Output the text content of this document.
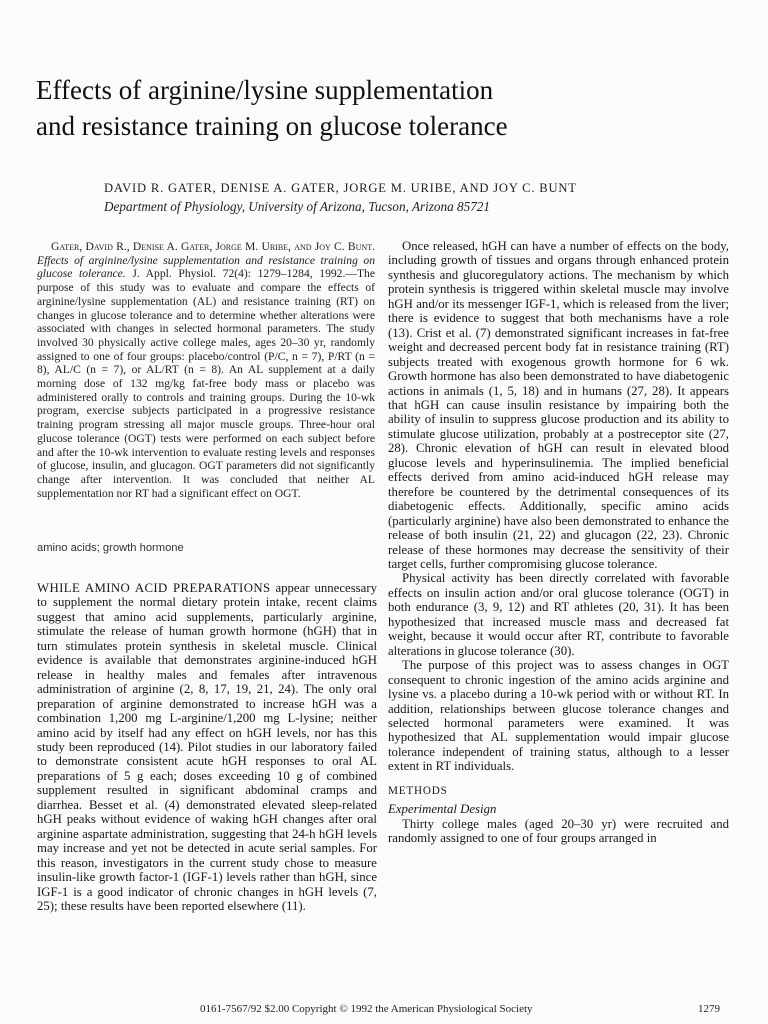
Effects of arginine/lysine supplementation
and resistance training on glucose tolerance

DAVID R. GATER, DENISE A. GATER, JORGE M. URIBE, AND JOY C. BUNT

Department of Physiology, University of Arizona, Tucson, Arizona 85721

Gater, David R., Denise A. Gater, Jorge M. Uribe, and Joy C. Bunt. Effects of arginine/lysine supplementation and resistance training on glucose tolerance. J. Appl. Physiol. 72(4): 1279–1284, 1992.—The purpose of this study was to evaluate and compare the effects of arginine/lysine supplementation (AL) and resistance training (RT) on changes in glucose tolerance and to determine whether alterations were associated with changes in selected hormonal parameters. The study involved 30 physically active college males, ages 20–30 yr, randomly assigned to one of four groups: placebo/control (P/C, n = 7), P/RT (n = 8), AL/C (n = 7), or AL/RT (n = 8). An AL supplement at a daily morning dose of 132 mg/kg fat-free body mass or placebo was administered orally to controls and training groups. During the 10-wk program, exercise subjects participated in a progressive resistance training program stressing all major muscle groups. Three-hour oral glucose tolerance (OGT) tests were performed on each subject before and after the 10-wk intervention to evaluate resting levels and responses of glucose, insulin, and glucagon. OGT parameters did not significantly change after intervention. It was concluded that neither AL supplementation nor RT had a significant effect on OGT.

amino acids; growth hormone

WHILE AMINO ACID PREPARATIONS appear unnecessary to supplement the normal dietary protein intake, recent claims suggest that amino acid supplements, particularly arginine, stimulate the release of human growth hormone (hGH) that in turn stimulates protein synthesis in skeletal muscle. Clinical evidence is available that demonstrates arginine-induced hGH release in healthy males and females after intravenous administration of arginine (2, 8, 17, 19, 21, 24). The only oral preparation of arginine demonstrated to increase hGH was a combination 1,200 mg L-arginine/1,200 mg L-lysine; neither amino acid by itself had any effect on hGH levels, nor has this study been reproduced (14). Pilot studies in our laboratory failed to demonstrate consistent acute hGH responses to oral AL preparations of 5 g each; doses exceeding 10 g of combined supplement resulted in significant abdominal cramps and diarrhea. Besset et al. (4) demonstrated elevated sleep-related hGH peaks without evidence of waking hGH changes after oral arginine aspartate administration, suggesting that 24-h hGH levels may increase and yet not be detected in acute serial samples. For this reason, investigators in the current study chose to measure insulin-like growth factor-1 (IGF-1) levels rather than hGH, since IGF-1 is a good indicator of chronic changes in hGH levels (7, 25); these results have been reported elsewhere (11).

Once released, hGH can have a number of effects on the body, including growth of tissues and organs through enhanced protein synthesis and glucoregulatory actions. The mechanism by which protein synthesis is triggered within skeletal muscle may involve hGH and/or its messenger IGF-1, which is released from the liver; there is evidence to suggest that both mechanisms have a role (13). Crist et al. (7) demonstrated significant increases in fat-free weight and decreased percent body fat in resistance training (RT) subjects treated with exogenous growth hormone for 6 wk. Growth hormone has also been demonstrated to have diabetogenic actions in animals (1, 5, 18) and in humans (27, 28). It appears that hGH can cause insulin resistance by impairing both the ability of insulin to suppress glucose production and its ability to stimulate glucose utilization, probably at a postreceptor site (27, 28). Chronic elevation of hGH can result in elevated blood glucose levels and hyperinsulinemia. The implied beneficial effects derived from amino acid-induced hGH release may therefore be countered by the detrimental consequences of its diabetogenic effects. Additionally, specific amino acids (particularly arginine) have also been demonstrated to enhance the release of both insulin (21, 22) and glucagon (22, 23). Chronic release of these hormones may decrease the sensitivity of their target cells, further compromising glucose tolerance.

Physical activity has been directly correlated with favorable effects on insulin action and/or oral glucose tolerance (OGT) in both endurance (3, 9, 12) and RT athletes (20, 31). It has been hypothesized that increased muscle mass and decreased fat weight, because it would occur after RT, contribute to favorable alterations in glucose tolerance (30).

The purpose of this project was to assess changes in OGT consequent to chronic ingestion of the amino acids arginine and lysine vs. a placebo during a 10-wk period with or without RT. In addition, relationships between glucose tolerance changes and selected hormonal parameters were examined. It was hypothesized that AL supplementation would impair glucose tolerance independent of training status, although to a lesser extent in RT individuals.

METHODS

Experimental Design

Thirty college males (aged 20–30 yr) were recruited and randomly assigned to one of four groups arranged in

0161-7567/92 $2.00 Copyright © 1992 the American Physiological Society	1279
